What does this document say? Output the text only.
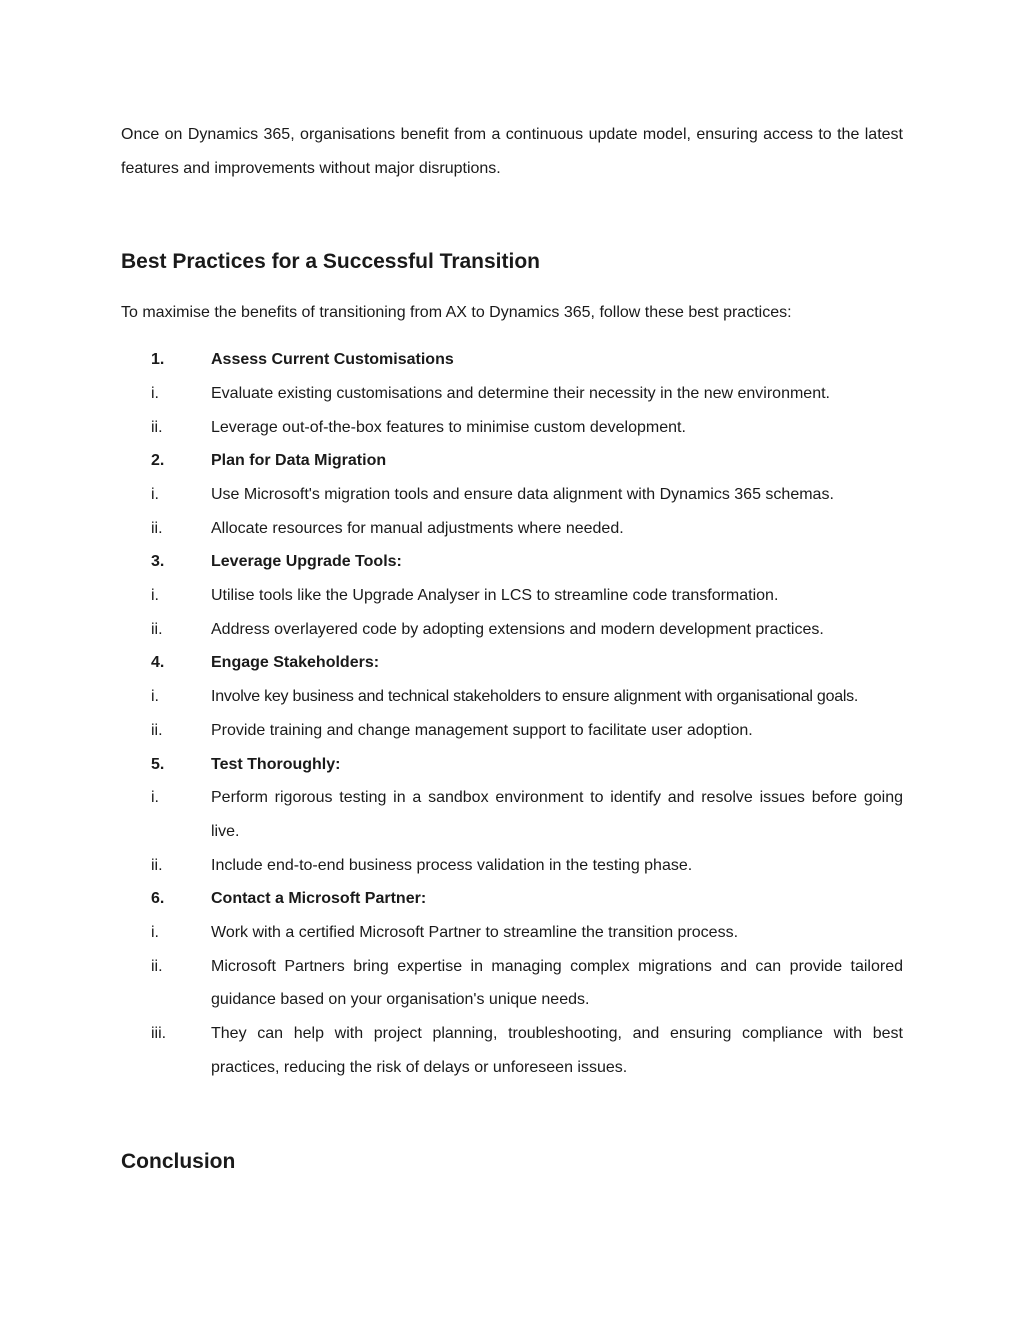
Once on Dynamics 365, organisations benefit from a continuous update model, ensuring access to the latest features and improvements without major disruptions.

Best Practices for a Successful Transition

To maximise the benefits of transitioning from AX to Dynamics 365, follow these best practices:

1.	Assess Current Customisations
i.	Evaluate existing customisations and determine their necessity in the new environment.
ii.	Leverage out-of-the-box features to minimise custom development.
2.	Plan for Data Migration
i.	Use Microsoft's migration tools and ensure data alignment with Dynamics 365 schemas.
ii.	Allocate resources for manual adjustments where needed.
3.	Leverage Upgrade Tools:
i.	Utilise tools like the Upgrade Analyser in LCS to streamline code transformation.
ii.	Address overlayered code by adopting extensions and modern development practices.
4.	Engage Stakeholders:
i.	Involve key business and technical stakeholders to ensure alignment with organisational goals.
ii.	Provide training and change management support to facilitate user adoption.
5.	Test Thoroughly:
i.	Perform rigorous testing in a sandbox environment to identify and resolve issues before going live.
ii.	Include end-to-end business process validation in the testing phase.
6.	Contact a Microsoft Partner:
i.	Work with a certified Microsoft Partner to streamline the transition process.
ii.	Microsoft Partners bring expertise in managing complex migrations and can provide tailored guidance based on your organisation's unique needs.
iii.	They can help with project planning, troubleshooting, and ensuring compliance with best practices, reducing the risk of delays or unforeseen issues.
Conclusion
